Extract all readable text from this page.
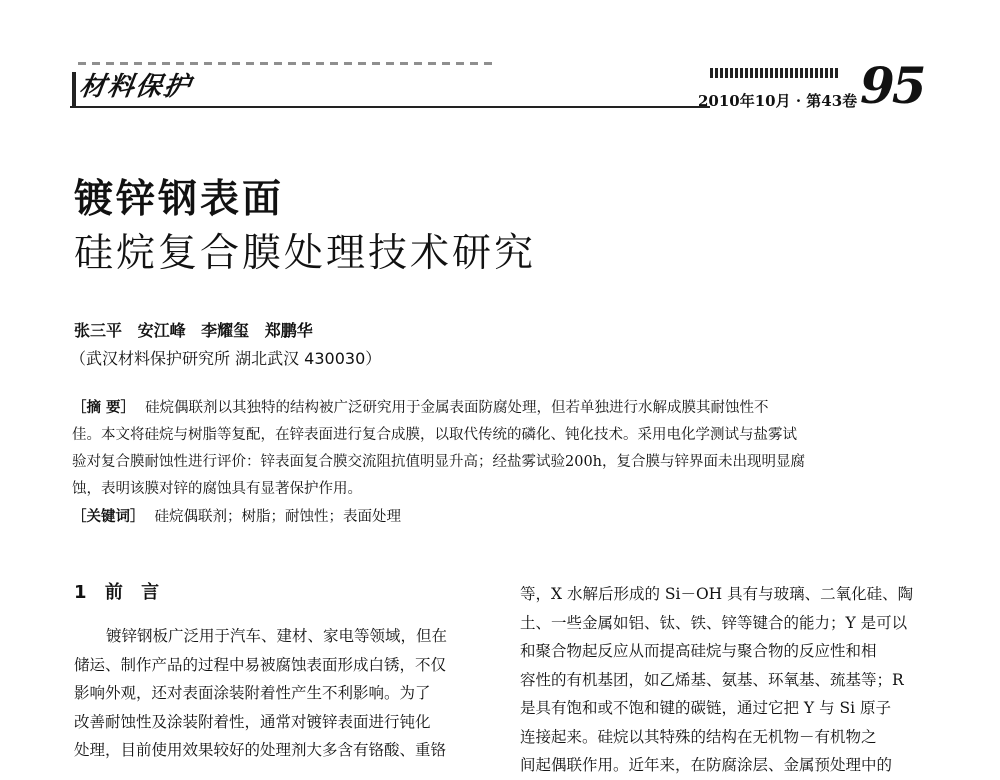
材料保护	2010年10月 · 第43卷 95
镀锌钢表面
硅烷复合膜处理技术研究
张三平 安江峰 李耀玺 郑鹏华
（武汉材料保护研究所 湖北武汉 430030）
［摘 要］ 硅烷偶联剂以其独特的结构被广泛研究用于金属表面防腐处理，但若单独进行水解成膜其耐蚀性不
佳。本文将硅烷与树脂等复配，在锌表面进行复合成膜，以取代传统的磷化、钝化技术。采用电化学测试与盐雾试
验对复合膜耐蚀性进行评价：锌表面复合膜交流阻抗值明显升高；经盐雾试验200h，复合膜与锌界面未出现明显腐
蚀，表明该膜对锌的腐蚀具有显著保护作用。
［关键词］ 硅烷偶联剂；树脂；耐蚀性；表面处理
1 前 言
镀锌钢板广泛用于汽车、建材、家电等领域，但在
储运、制作产品的过程中易被腐蚀表面形成白锈，不仅
影响外观，还对表面涂装附着性产生不利影响。为了
改善耐蚀性及涂装附着性，通常对镀锌表面进行钝化
处理，目前使用效果较好的处理剂大多含有铬酸、重铬
等，X 水解后形成的 Si－OH 具有与玻璃、二氧化硅、陶
土、一些金属如铝、钛、铁、锌等键合的能力；Y 是可以
和聚合物起反应从而提高硅烷与聚合物的反应性和相
容性的有机基团，如乙烯基、氨基、环氧基、巯基等；R
是具有饱和或不饱和键的碳链，通过它把 Y 与 Si 原子
连接起来。硅烷以其特殊的结构在无机物－有机物之
间起偶联作用。近年来，在防腐涂层、金属预处理中的
